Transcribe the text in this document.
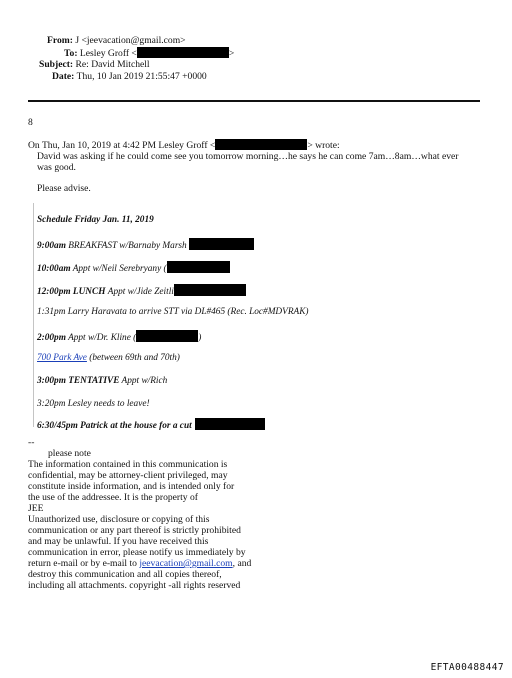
From: J <jeevacation@gmail.com>
To: Lesley Groff <	>
Subject: Re: David Mitchell
Date: Thu, 10 Jan 2019 21:55:47 +0000
8
On Thu, Jan 10, 2019 at 4:42 PM Lesley Groff <	> wrote:
David was asking if he could come see you tomorrow morning…he says he can come 7am…8am…what ever
was good.
Please advise.
Schedule Friday Jan. 11, 2019
9:00am BREAKFAST w/Barnaby Marsh
10:00am Appt w/Neil Serebryany (
12:00pm LUNCH Appt w/Jide Zeitli
1:31pm Larry Haravata to arrive STT via DL#465 (Rec. Loc#MDVRAK)
2:00pm Appt w/Dr. Kline (	)
700 Park Ave (between 69th and 70th)
3:00pm TENTATIVE Appt w/Rich
3:20pm Lesley needs to leave!
6:30/45pm Patrick at the house for a cut
--
please note
The information contained in this communication is
confidential, may be attorney-client privileged, may
constitute inside information, and is intended only for
the use of the addressee. It is the property of
JEE
Unauthorized use, disclosure or copying of this
communication or any part thereof is strictly prohibited
and may be unlawful. If you have received this
communication in error, please notify us immediately by
return e-mail or by e-mail to jeevacation@gmail.com, and
destroy this communication and all copies thereof,
including all attachments. copyright -all rights reserved
EFTA00488447
